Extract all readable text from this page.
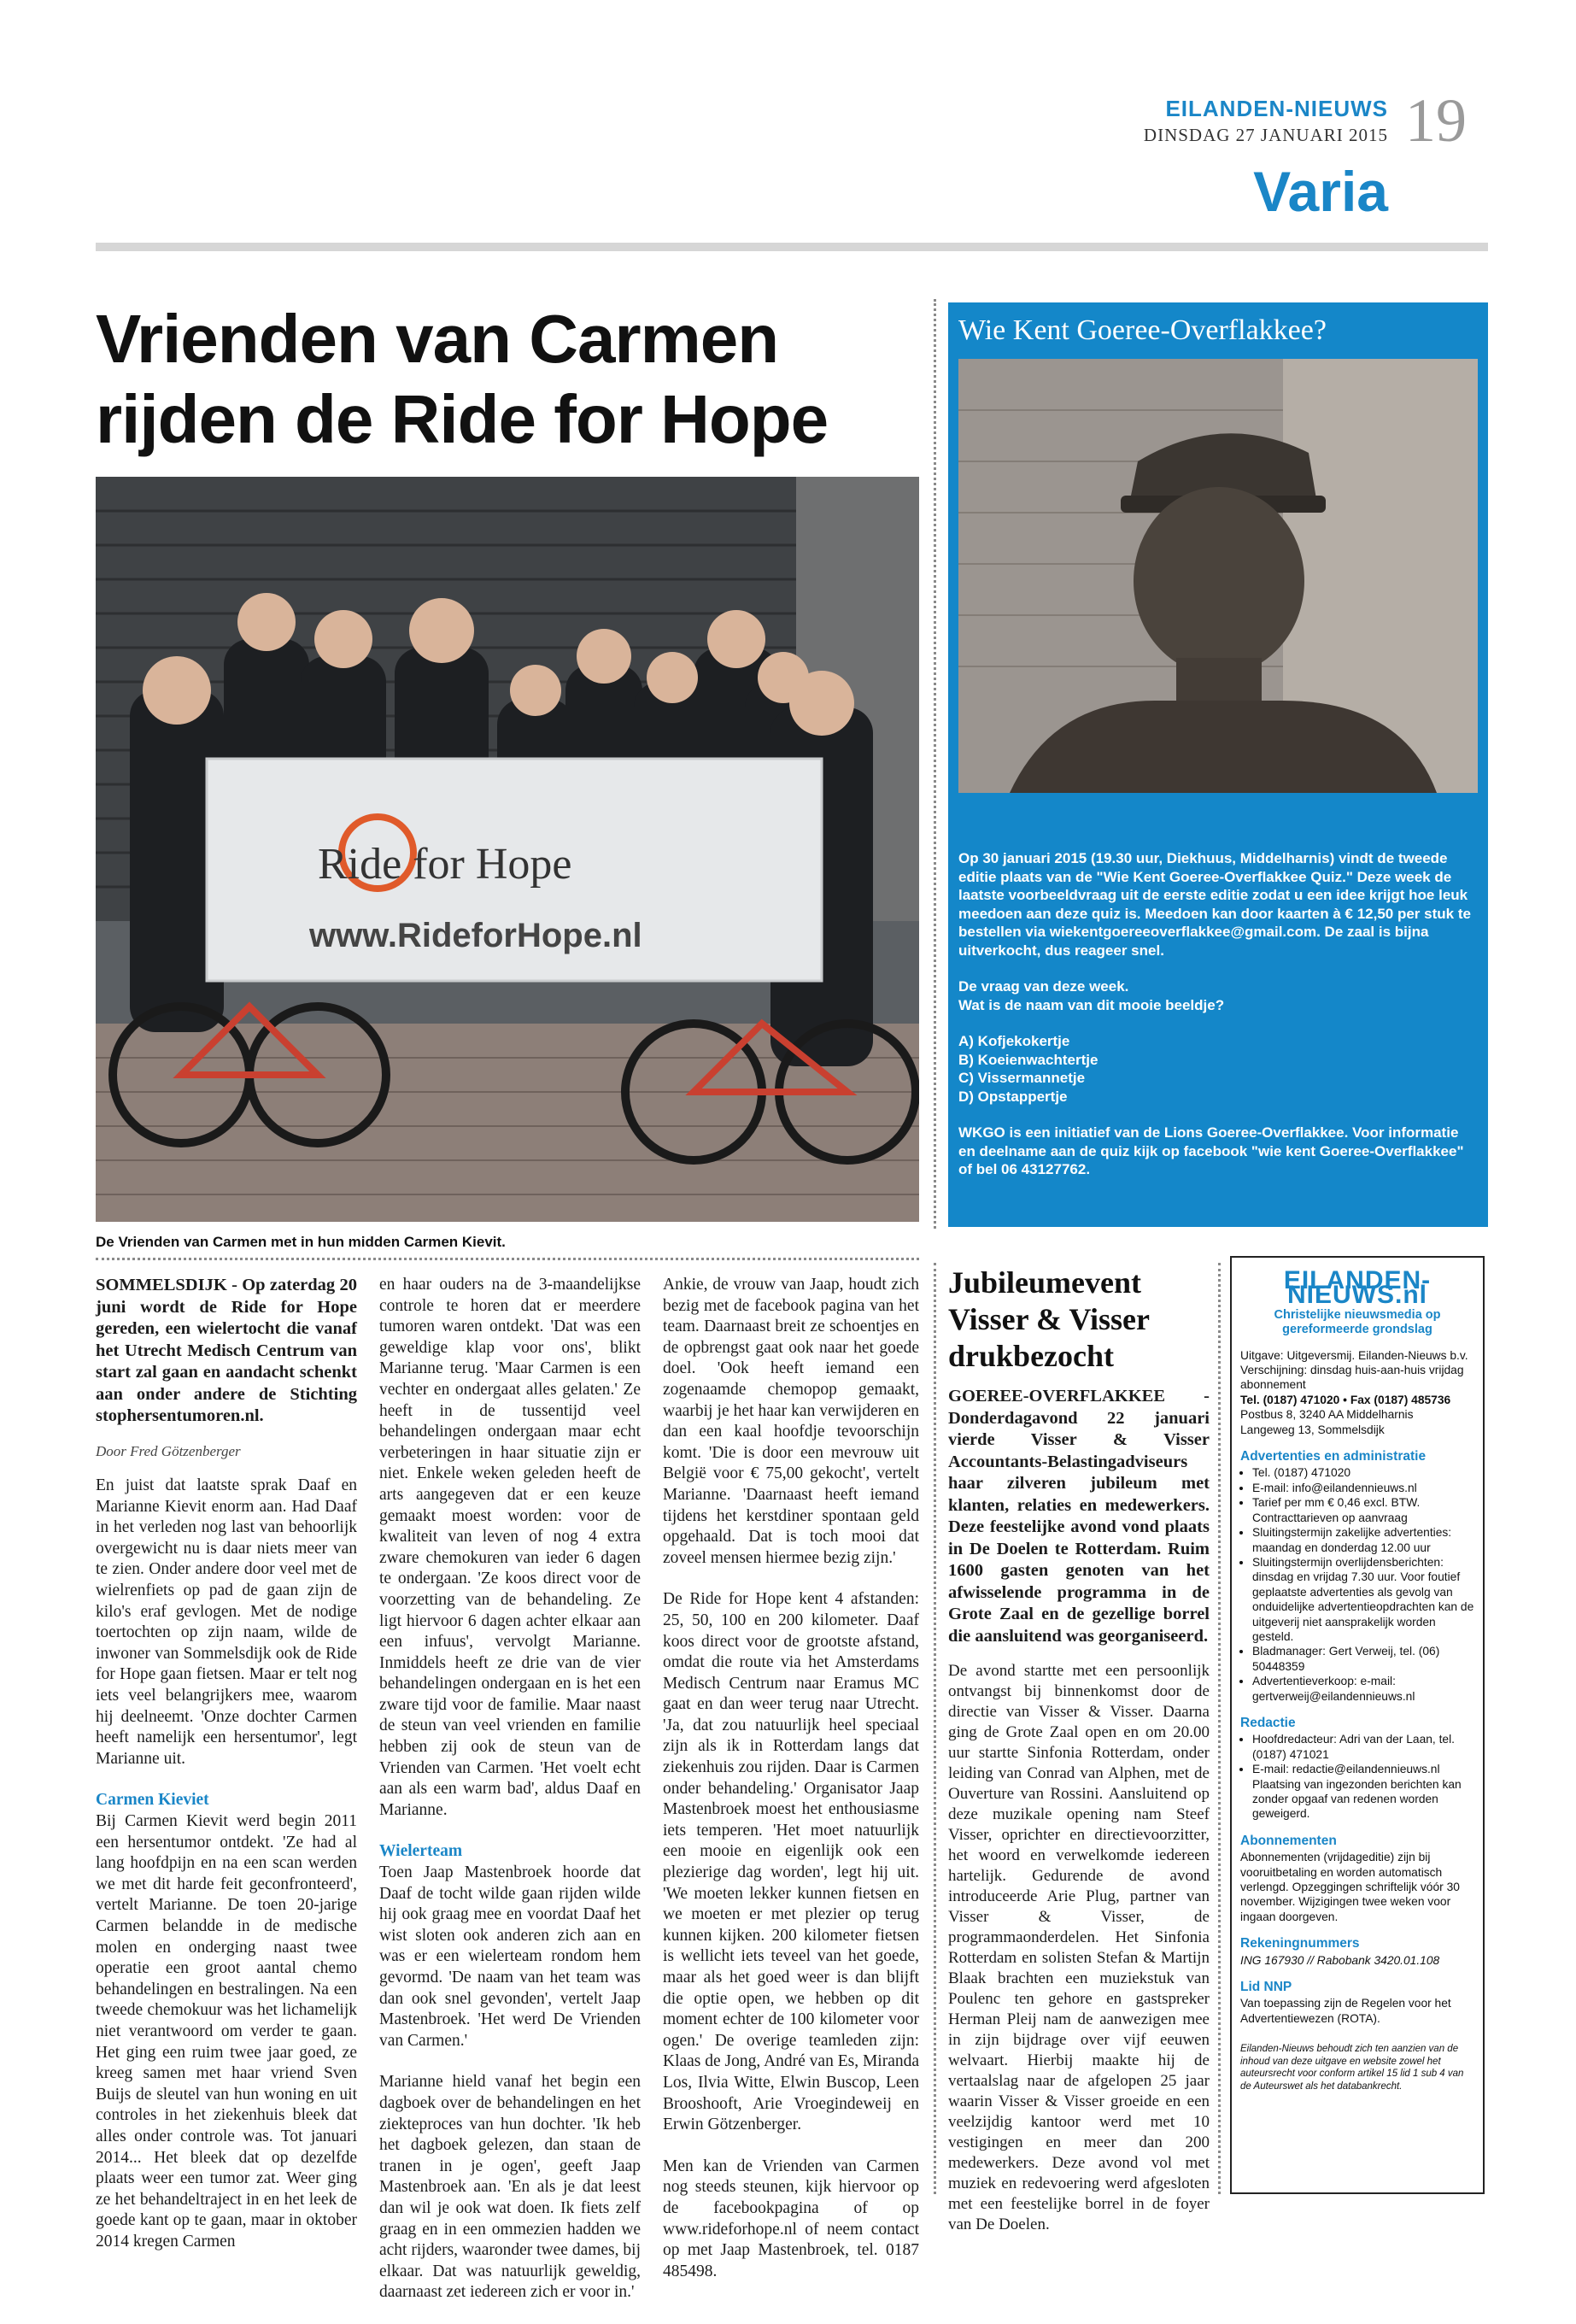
EILANDEN-NIEUWS
DINSDAG 27 JANUARI 2015 19
Varia
Vrienden van Carmen rijden de Ride for Hope
Ride for Hope
www.RideforHope.nl
De Vrienden van Carmen met in hun midden Carmen Kievit.

SOMMELSDIJK - Op zaterdag 20 juni wordt de Ride for Hope gereden, een wielertocht die vanaf het Utrecht Medisch Centrum van start zal gaan en aandacht schenkt aan onder andere de Stichting stophersentumoren.nl.

Door Fred Götzenberger

En juist dat laatste sprak Daaf en Marianne Kievit enorm aan. Had Daaf in het verleden nog last van behoorlijk overgewicht nu is daar niets meer van te zien. Onder andere door veel met de wielrenfiets op pad de gaan zijn de kilo's eraf gevlogen. Met de nodige toertochten op zijn naam, wilde de inwoner van Sommelsdijk ook de Ride for Hope gaan fietsen. Maar er telt nog iets veel belangrijkers mee, waarom hij deelneemt. 'Onze dochter Carmen heeft namelijk een hersentumor', legt Marianne uit.

Carmen Kieviet

Bij Carmen Kievit werd begin 2011 een hersentumor ontdekt. 'Ze had al lang hoofdpijn en na een scan werden we met dit harde feit geconfronteerd', vertelt Marianne. De toen 20-jarige Carmen belandde in de medische molen en onderging naast twee operatie een groot aantal chemo behandelingen en bestralingen. Na een tweede chemokuur was het lichamelijk niet verantwoord om verder te gaan. Het ging een ruim twee jaar goed, ze kreeg samen met haar vriend Sven Buijs de sleutel van hun woning en uit controles in het ziekenhuis bleek dat alles onder controle was. Tot januari 2014... Het bleek dat op dezelfde plaats weer een tumor zat. Weer ging ze het behandeltraject in en het leek de goede kant op te gaan, maar in oktober 2014 kregen Carmen

en haar ouders na de 3-maandelijkse controle te horen dat er meerdere tumoren waren ontdekt. 'Dat was een geweldige klap voor ons', blikt Marianne terug. 'Maar Carmen is een vechter en ondergaat alles gelaten.' Ze heeft in de tussentijd veel behandelingen ondergaan maar echt verbeteringen in haar situatie zijn er niet. Enkele weken geleden heeft de arts aangegeven dat er een keuze gemaakt moest worden: voor de kwaliteit van leven of nog 4 extra zware chemokuren van ieder 6 dagen te ondergaan. 'Ze koos direct voor de voorzetting van de behandeling. Ze ligt hiervoor 6 dagen achter elkaar aan een infuus', vervolgt Marianne. Inmiddels heeft ze drie van de vier behandelingen ondergaan en is het een zware tijd voor de familie. Maar naast de steun van veel vrienden en familie hebben zij ook de steun van de Vrienden van Carmen. 'Het voelt echt aan als een warm bad', aldus Daaf en Marianne.

Wielerteam

Toen Jaap Mastenbroek hoorde dat Daaf de tocht wilde gaan rijden wilde hij ook graag mee en voordat Daaf het wist sloten ook anderen zich aan en was er een wielerteam rondom hem gevormd. 'De naam van het team was dan ook snel gevonden', vertelt Jaap Mastenbroek. 'Het werd De Vrienden van Carmen.'

Marianne hield vanaf het begin een dagboek over de behandelingen en het ziekteproces van hun dochter. 'Ik heb het dagboek gelezen, dan staan de tranen in je ogen', geeft Jaap Mastenbroek aan. 'En als je dat leest dan wil je ook wat doen. Ik fiets zelf graag en in een ommezien hadden we acht rijders, waaronder twee dames, bij elkaar. Dat was natuurlijk geweldig, daarnaast zet iedereen zich er voor in.'

Ankie, de vrouw van Jaap, houdt zich bezig met de facebook pagina van het team. Daarnaast breit ze schoentjes en de opbrengst gaat ook naar het goede doel. 'Ook heeft iemand een zogenaamde chemopop gemaakt, waarbij je het haar kan verwijderen en dan een kaal hoofdje tevoorschijn komt. 'Die is door een mevrouw uit België voor € 75,00 gekocht', vertelt Marianne. 'Daarnaast heeft iemand tijdens het kerstdiner spontaan geld opgehaald. Dat is toch mooi dat zoveel mensen hiermee bezig zijn.'

De Ride for Hope kent 4 afstanden: 25, 50, 100 en 200 kilometer. Daaf koos direct voor de grootste afstand, omdat die route via het Amsterdams Medisch Centrum naar Eramus MC gaat en dan weer terug naar Utrecht. 'Ja, dat zou natuurlijk heel speciaal zijn als ik in Rotterdam langs dat ziekenhuis zou rijden. Daar is Carmen onder behandeling.' Organisator Jaap Mastenbroek moest het enthousiasme iets temperen. 'Het moet natuurlijk een mooie en eigenlijk ook een plezierige dag worden', legt hij uit. 'We moeten lekker kunnen fietsen en we moeten er met plezier op terug kunnen kijken. 200 kilometer fietsen is wellicht iets teveel van het goede, maar als het goed weer is dan blijft die optie open, we hebben op dit moment echter de 100 kilometer voor ogen.' De overige teamleden zijn: Klaas de Jong, André van Es, Miranda Los, Ilvia Witte, Elwin Buscop, Leen Brooshooft, Arie Vroegindeweij en Erwin Götzenberger.

Men kan de Vrienden van Carmen nog steeds steunen, kijk hiervoor op de facebookpagina of op www.rideforhope.nl of neem contact op met Jaap Mastenbroek, tel. 0187 485498.

Wie Kent Goeree-Overflakkee?

Op 30 januari 2015 (19.30 uur, Diekhuus, Middelharnis) vindt de tweede editie plaats van de "Wie Kent Goeree-Overflakkee Quiz." Deze week de laatste voorbeeldvraag uit de eerste editie zodat u een idee krijgt hoe leuk meedoen aan deze quiz is. Meedoen kan door kaarten à € 12,50 per stuk te bestellen via wiekentgoereeoverflakkee@gmail.com. De zaal is bijna uitverkocht, dus reageer snel.

De vraag van deze week.
Wat is de naam van dit mooie beeldje?

A) Kofjekokertje
B) Koeienwachtertje
C) Vissermannetje
D) Opstappertje

WKGO is een initiatief van de Lions Goeree-Overflakkee. Voor informatie en deelname aan de quiz kijk op facebook "wie kent Goeree-Overflakkee" of bel 06 43127762.

Jubileumevent Visser & Visser drukbezocht

GOEREE-OVERFLAKKEE - Donderdagavond 22 januari vierde Visser & Visser Accountants-Belastingadviseurs haar zilveren jubileum met klanten, relaties en medewerkers. Deze feestelijke avond vond plaats in De Doelen te Rotterdam. Ruim 1600 gasten genoten van het afwisselende programma in de Grote Zaal en de gezellige borrel die aansluitend was georganiseerd.

De avond startte met een persoonlijk ontvangst bij binnenkomst door de directie van Visser & Visser. Daarna ging de Grote Zaal open en om 20.00 uur startte Sinfonia Rotterdam, onder leiding van Conrad van Alphen, met de Ouverture van Rossini. Aansluitend op deze muzikale opening nam Steef Visser, oprichter en directievoorzitter, het woord en verwelkomde iedereen hartelijk. Gedurende de avond introduceerde Arie Plug, partner van Visser & Visser, de programmaonderdelen. Het Sinfonia Rotterdam en solisten Stefan & Martijn Blaak brachten een muziekstuk van Poulenc ten gehore en gastspreker Herman Pleij nam de aanwezigen mee in zijn bijdrage over vijf eeuwen welvaart. Hierbij maakte hij de vertaalslag naar de afgelopen 25 jaar waarin Visser & Visser groeide en een veelzijdig kantoor werd met 10 vestigingen en meer dan 200 medewerkers. Deze avond vol met muziek en redevoering werd afgesloten met een feestelijke borrel in de foyer van De Doelen.

EILANDEN-NIEUWS.nl
Christelijke nieuwsmedia op gereformeerde grondslag

Uitgave: Uitgeversmij. Eilanden-Nieuws b.v.

Verschijning: dinsdag huis-aan-huis vrijdag abonnement

Tel. (0187) 471020 • Fax (0187) 485736

Postbus 8, 3240 AA Middelharnis

Langeweg 13, Sommelsdijk

Advertenties en administratie
• Tel. (0187) 471020
• E-mail: info@eilandennieuws.nl
• Tarief per mm € 0,46 excl. BTW. Contracttarieven op aanvraag
• Sluitingstermijn zakelijke advertenties: maandag en donderdag 12.00 uur
• Sluitingstermijn overlijdensberichten: dinsdag en vrijdag 7.30 uur. Voor foutief geplaatste advertenties als gevolg van onduidelijke advertentieopdrachten kan de uitgeverij niet aansprakelijk worden gesteld.
• Bladmanager: Gert Verweij, tel. (06) 50448359
• Advertentieverkoop: e-mail: gertverweij@eilandennieuws.nl
Redactie
• Hoofdredacteur: Adri van der Laan, tel. (0187) 471021
• E-mail: redactie@eilandennieuws.nl Plaatsing van ingezonden berichten kan zonder opgaaf van redenen worden geweigerd.
Abonnementen

Abonnementen (vrijdageditie) zijn bij vooruitbetaling en worden automatisch verlengd. Opzeggingen schriftelijk vóór 30 november. Wijzigingen twee weken voor ingaan doorgeven.

Rekeningnummers

ING 167930 // Rabobank 3420.01.108

Lid NNP

Van toepassing zijn de Regelen voor het Advertentiewezen (ROTA).

Eilanden-Nieuws behoudt zich ten aanzien van de inhoud van deze uitgave en website zowel het auteursrecht voor conform artikel 15 lid 1 sub 4 van de Auteurswet als het databankrecht.
